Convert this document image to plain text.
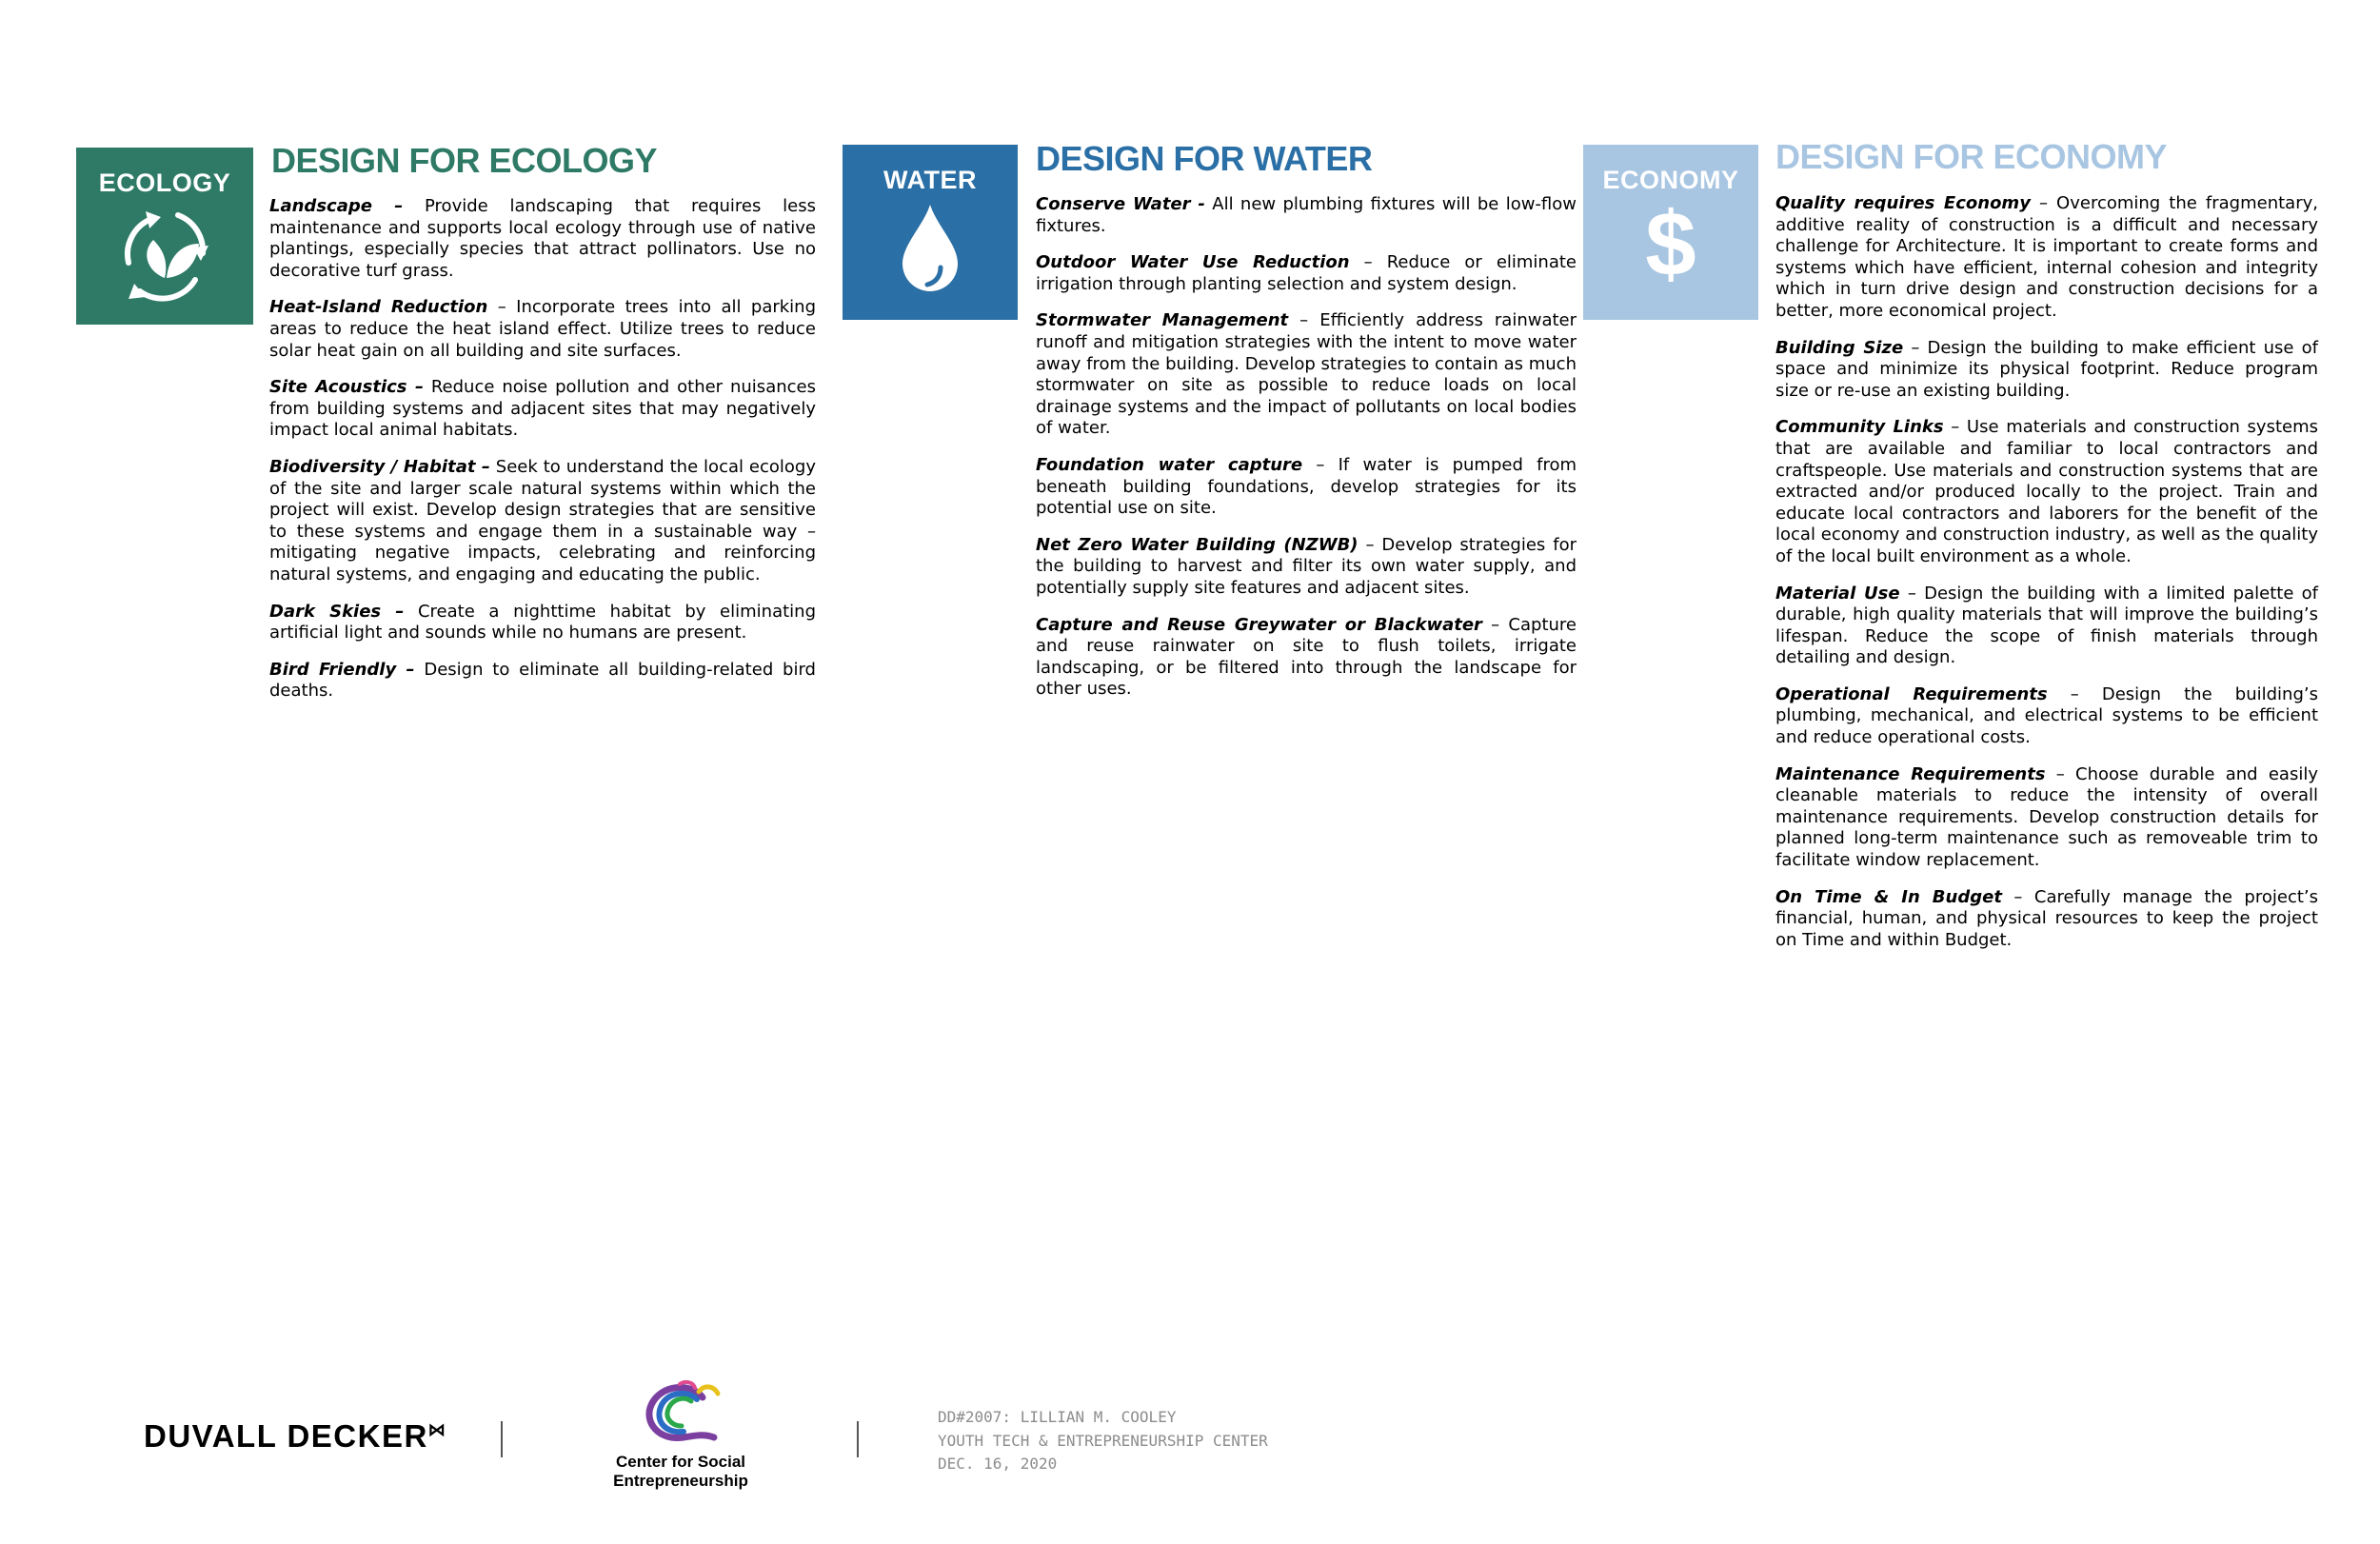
ECOLOGY
DESIGN FOR ECOLOGY

Landscape – Provide landscaping that requires less maintenance and supports local ecology through use of native plantings, especially species that attract pollinators. Use no decorative turf grass.

Heat-Island Reduction – Incorporate trees into all parking areas to reduce the heat island effect. Utilize trees to reduce solar heat gain on all building and site surfaces.

Site Acoustics – Reduce noise pollution and other nuisances from building systems and adjacent sites that may negatively impact local animal habitats.

Biodiversity / Habitat – Seek to understand the local ecology of the site and larger scale natural systems within which the project will exist. Develop design strategies that are sensitive to these systems and engage them in a sustainable way – mitigating negative impacts, celebrating and reinforcing natural systems, and engaging and educating the public.

Dark Skies – Create a nighttime habitat by eliminating artificial light and sounds while no humans are present.

Bird Friendly – Design to eliminate all building-related bird deaths.

WATER
DESIGN FOR WATER

Conserve Water - All new plumbing fixtures will be low-flow fixtures.

Outdoor Water Use Reduction – Reduce or eliminate irrigation through planting selection and system design.

Stormwater Management – Efficiently address rainwater runoff and mitigation strategies with the intent to move water away from the building. Develop strategies to contain as much stormwater on site as possible to reduce loads on local drainage systems and the impact of pollutants on local bodies of water.

Foundation water capture – If water is pumped from beneath building foundations, develop strategies for its potential use on site.

Net Zero Water Building (NZWB) – Develop strategies for the building to harvest and filter its own water supply, and potentially supply site features and adjacent sites.

Capture and Reuse Greywater or Blackwater – Capture and reuse rainwater on site to flush toilets, irrigate landscaping, or be filtered into through the landscape for other uses.

ECONOMY
$
DESIGN FOR ECONOMY

Quality requires Economy – Overcoming the fragmentary, additive reality of construction is a difficult and necessary challenge for Architecture. It is important to create forms and systems which have efficient, internal cohesion and integrity which in turn drive design and construction decisions for a better, more economical project.

Building Size – Design the building to make efficient use of space and minimize its physical footprint. Reduce program size or re-use an existing building.

Community Links – Use materials and construction systems that are available and familiar to local contractors and craftspeople. Use materials and construction systems that are extracted and/or produced locally to the project. Train and educate local contractors and laborers for the benefit of the local economy and construction industry, as well as the quality of the local built environment as a whole.

Material Use – Design the building with a limited palette of durable, high quality materials that will improve the building’s lifespan. Reduce the scope of finish materials through detailing and design.

Operational Requirements – Design the building’s plumbing, mechanical, and electrical systems to be efficient and reduce operational costs.

Maintenance Requirements – Choose durable and easily cleanable materials to reduce the intensity of overall maintenance requirements. Develop construction details for planned long-term maintenance such as removeable trim to facilitate window replacement.

On Time & In Budget – Carefully manage the project’s financial, human, and physical resources to keep the project on Time and within Budget.

DUVALL DECKER⋈
Center for Social Entrepreneurship
DD#2007: LILLIAN M. COOLEY
YOUTH TECH & ENTREPRENEURSHIP CENTER
DEC. 16, 2020
